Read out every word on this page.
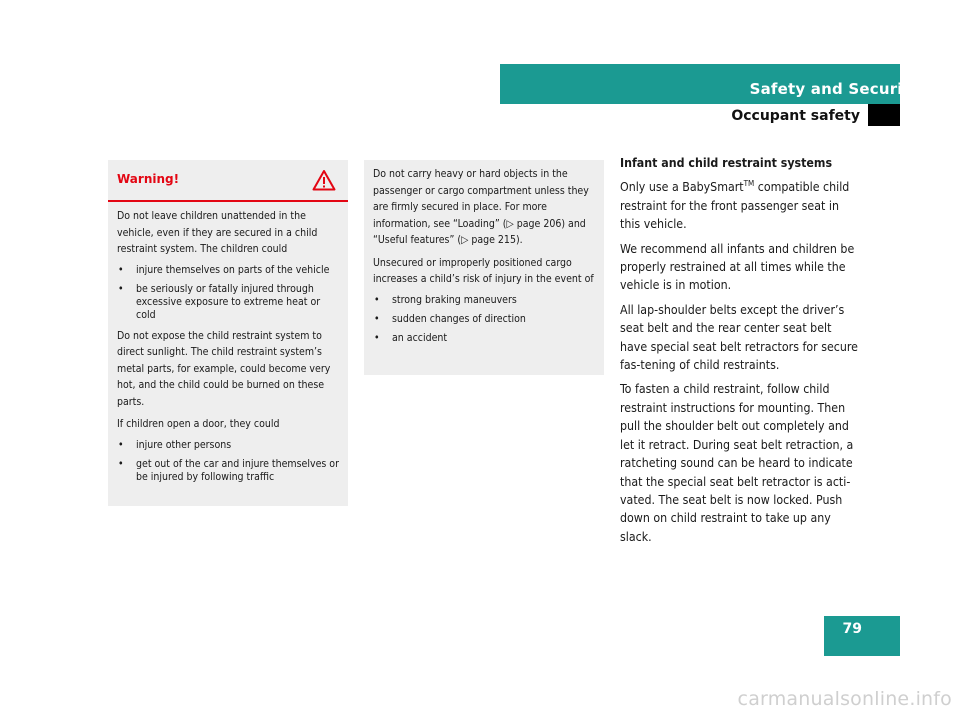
Safety and Security
Occupant safety

Warning!

Do not leave children unattended in the vehicle, even if they are secured in a child restraint system. The children could

• injure themselves on parts of the vehicle
• be seriously or fatally injured through excessive exposure to extreme heat or cold

Do not expose the child restraint system to direct sunlight. The child restraint system’s metal parts, for example, could become very hot, and the child could be burned on these parts.

If children open a door, they could

• injure other persons
• get out of the car and injure themselves or be injured by following traffic

Do not carry heavy or hard objects in the passenger or cargo compartment unless they are firmly secured in place. For more information, see “Loading” (▷ page 206) and “Useful features” (▷ page 215).

Unsecured or improperly positioned cargo increases a child’s risk of injury in the event of

• strong braking maneuvers
• sudden changes of direction
• an accident
Infant and child restraint systems

Only use a BabySmart™ compatible child restraint for the front passenger seat in this vehicle.

We recommend all infants and children be properly restrained at all times while the vehicle is in motion.

All lap-shoulder belts except the driver’s seat belt and the rear center seat belt have special seat belt retractors for secure fas-tening of child restraints.

To fasten a child restraint, follow child restraint instructions for mounting. Then pull the shoulder belt out completely and let it retract. During seat belt retraction, a ratcheting sound can be heard to indicate that the special seat belt retractor is acti-vated. The seat belt is now locked. Push down on child restraint to take up any slack.

79

carmanualsonline.info
